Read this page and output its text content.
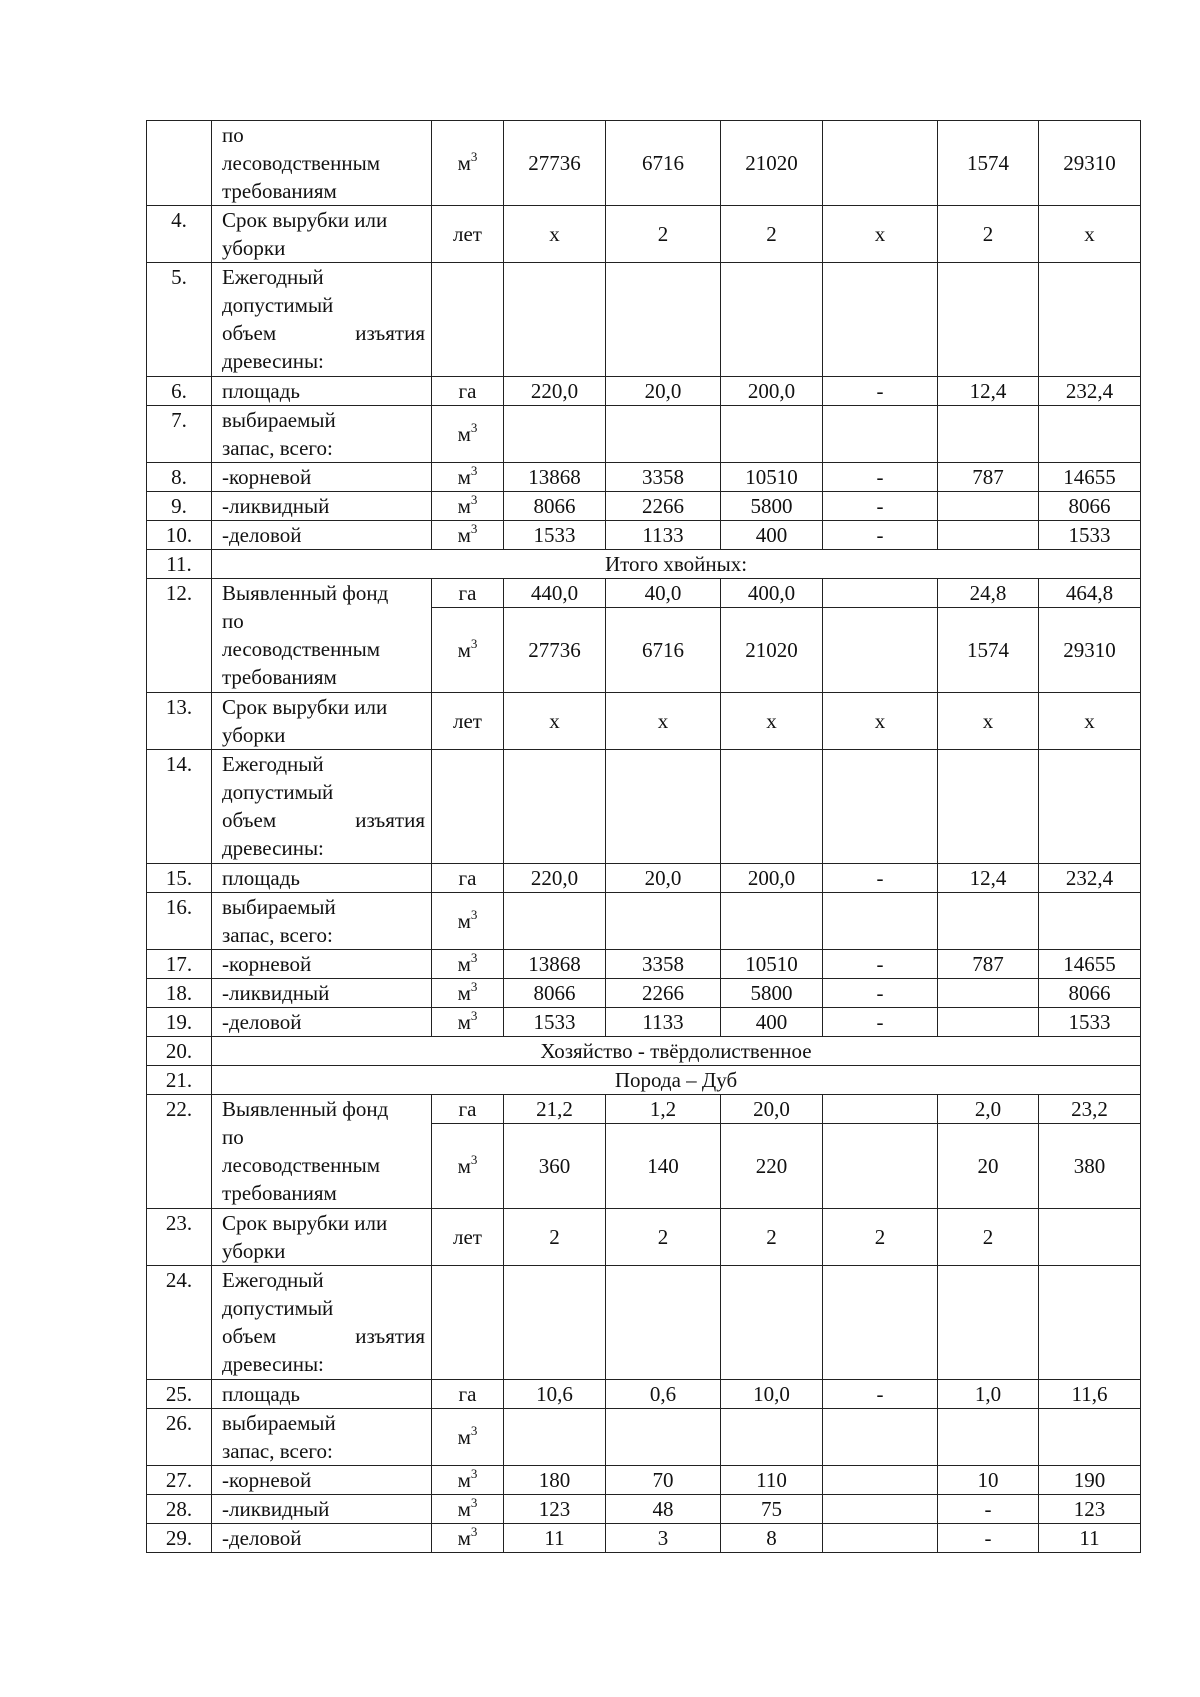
	по
лесоводственным
требованиям	$м^3$	27736	6716	21020		1574	29310
4.	Срок вырубки или
уборки	лет	х	2	2	х	2	х
5.	Ежегодный
допустимый
объем изъятия
древесины:							

6.	площадь	га	220,0	20,0	200,0	-	12,4	232,4
7.	выбираемый
запас, всего:	$м^3$						
8.	-корневой	$м^3$	13868	3358	10510	-	787	14655
9.	-ликвидный	$м^3$	8066	2266	5800	-		8066
10.	-деловой	$м^3$	1533	1133	400	-		1533
11.	Итого хвойных:							
12.	Выявленный фонд
по
лесоводственным
требованиям	га	440,0	40,0	400,0		24,8	464,8
		$м^3$	27736	6716	21020		1574	29310
13.	Срок вырубки или
уборки	лет	х	х	х	х	х	х
14.	Ежегодный
допустимый
объем изъятия
древесины:							

15.	площадь	га	220,0	20,0	200,0	-	12,4	232,4
16.	выбираемый
запас, всего:	$м^3$						
17.	-корневой	$м^3$	13868	3358	10510	-	787	14655
18.	-ликвидный	$м^3$	8066	2266	5800	-		8066
19.	-деловой	$м^3$	1533	1133	400	-		1533
20.	Хозяйство - твёрдолиственное							
21.	Порода – Дуб							
22.	Выявленный фонд
по
лесоводственным
требованиям	га	21,2	1,2	20,0		2,0	23,2
		$м^3$	360	140	220		20	380
23.	Срок вырубки или
уборки	лет	2	2	2	2	2	
24.	Ежегодный
допустимый
объем изъятия
древесины:							

25.	площадь	га	10,6	0,6	10,0	-	1,0	11,6
26.	выбираемый
запас, всего:	$м^3$						
27.	-корневой	$м^3$	180	70	110		10	190
28.	-ликвидный	$м^3$	123	48	75		-	123
29.	-деловой	$м^3$	11	3	8		-	11
